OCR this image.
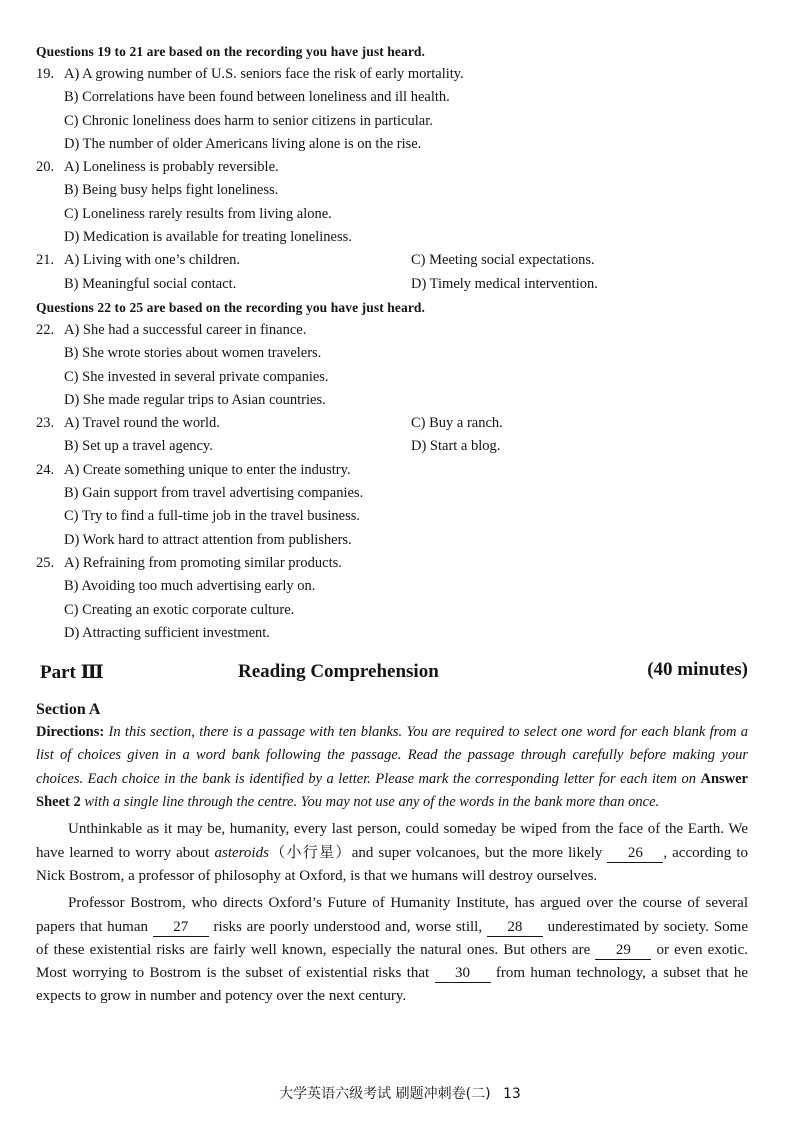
Questions 19 to 21 are based on the recording you have just heard.
19. A) A growing number of U.S. seniors face the risk of early mortality.
B) Correlations have been found between loneliness and ill health.
C) Chronic loneliness does harm to senior citizens in particular.
D) The number of older Americans living alone is on the rise.
20. A) Loneliness is probably reversible.
B) Being busy helps fight loneliness.
C) Loneliness rarely results from living alone.
D) Medication is available for treating loneliness.
21. A) Living with one’s children.	C) Meeting social expectations.
B) Meaningful social contact.	D) Timely medical intervention.
Questions 22 to 25 are based on the recording you have just heard.
22. A) She had a successful career in finance.
B) She wrote stories about women travelers.
C) She invested in several private companies.
D) She made regular trips to Asian countries.
23. A) Travel round the world.	C) Buy a ranch.
B) Set up a travel agency.	D) Start a blog.
24. A) Create something unique to enter the industry.
B) Gain support from travel advertising companies.
C) Try to find a full-time job in the travel business.
D) Work hard to attract attention from publishers.
25. A) Refraining from promoting similar products.
B) Avoiding too much advertising early on.
C) Creating an exotic corporate culture.
D) Attracting sufficient investment.
Part Ⅲ	Reading Comprehension	(40 minutes)
Section A
Directions: In this section, there is a passage with ten blanks. You are required to select one word for each blank from a list of choices given in a word bank following the passage. Read the passage through carefully before making your choices. Each choice in the bank is identified by a letter. Please mark the corresponding letter for each item on Answer Sheet 2 with a single line through the centre. You may not use any of the words in the bank more than once.
Unthinkable as it may be, humanity, every last person, could someday be wiped from the face of the Earth. We have learned to worry about asteroids（小行星）and super volcanoes, but the more likely 26 , according to Nick Bostrom, a professor of philosophy at Oxford, is that we humans will destroy ourselves.
Professor Bostrom, who directs Oxford’s Future of Humanity Institute, has argued over the course of several papers that human 27 risks are poorly understood and, worse still, 28 underestimated by society. Some of these existential risks are fairly well known, especially the natural ones. But others are 29 or even exotic. Most worrying to Bostrom is the subset of existential risks that 30 from human technology, a subset that he expects to grow in number and potency over the next century.
大学英语六级考试 刷题冲刺卷(二) 13
